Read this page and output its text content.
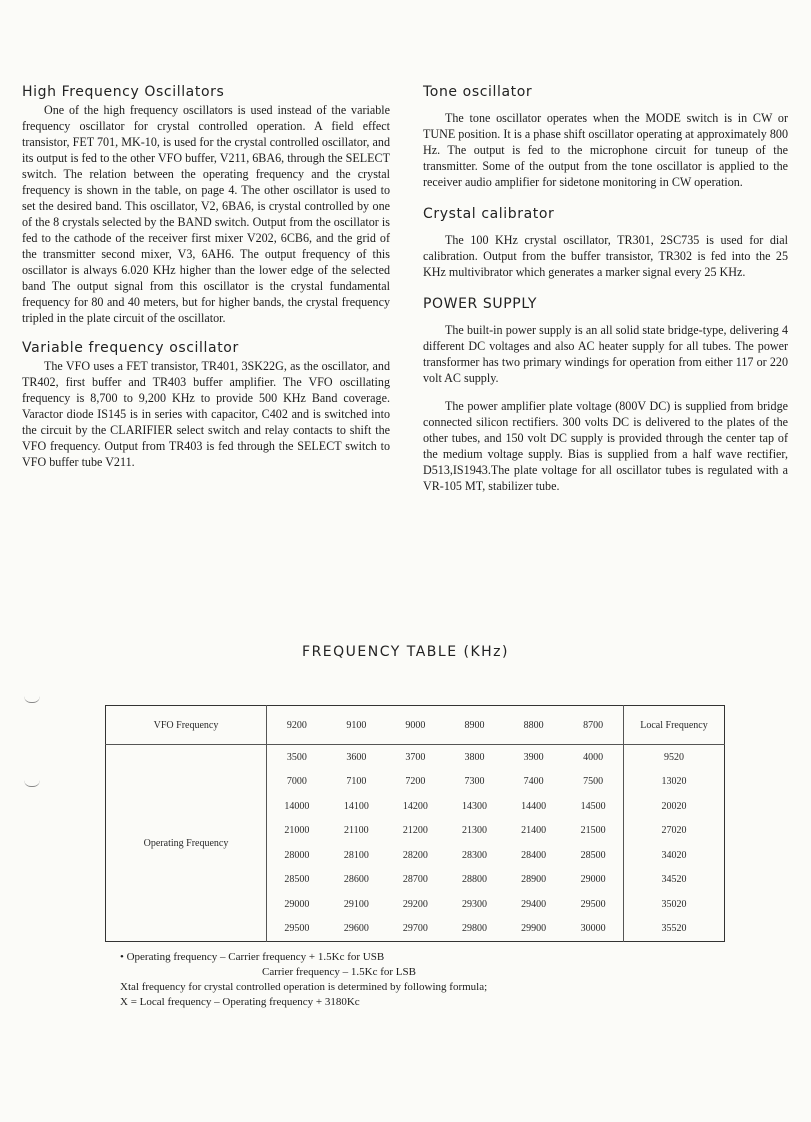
High Frequency Oscillators

One of the high frequency oscillators is used instead of the variable frequency oscillator for crystal controlled operation. A field effect transistor, FET 701, MK-10, is used for the crystal controlled oscillator, and its output is fed to the other VFO buffer, V211, 6BA6, through the SELECT switch. The relation between the operating frequency and the crystal frequency is shown in the table, on page 4. The other oscillator is used to set the desired band. This oscillator, V2, 6BA6, is crystal controlled by one of the 8 crystals selected by the BAND switch. Output from the oscillator is fed to the cathode of the receiver first mixer V202, 6CB6, and the grid of the transmitter second mixer, V3, 6AH6. The output frequency of this oscillator is always 6.020 KHz higher than the lower edge of the selected band The output signal from this oscillator is the crystal fundamental frequency for 80 and 40 meters, but for higher bands, the crystal frequency tripled in the plate circuit of the oscillator.

Variable frequency oscillator

The VFO uses a FET transistor, TR401, 3SK22G, as the oscillator, and TR402, first buffer and TR403 buffer amplifier. The VFO oscillating frequency is 8,700 to 9,200 KHz to provide 500 KHz Band coverage. Varactor diode IS145 is in series with capacitor, C402 and is switched into the circuit by the CLARIFIER select switch and relay contacts to shift the VFO frequency. Output from TR403 is fed through the SELECT switch to VFO buffer tube V211.

Tone oscillator

The tone oscillator operates when the MODE switch is in CW or TUNE position. It is a phase shift oscillator operating at approximately 800 Hz. The output is fed to the microphone circuit for tuneup of the transmitter. Some of the output from the tone oscillator is applied to the receiver audio amplifier for sidetone monitoring in CW operation.

Crystal calibrator

The 100 KHz crystal oscillator, TR301, 2SC735 is used for dial calibration. Output from the buffer transistor, TR302 is fed into the 25 KHz multivibrator which generates a marker signal every 25 KHz.

POWER SUPPLY

The built-in power supply is an all solid state bridge-type, delivering 4 different DC voltages and also AC heater supply for all tubes. The power transformer has two primary windings for operation from either 117 or 220 volt AC supply.

The power amplifier plate voltage (800V DC) is supplied from bridge connected silicon rectifiers. 300 volts DC is delivered to the plates of the other tubes, and 150 volt DC supply is provided through the center tap of the medium voltage supply. Bias is supplied from a half wave rectifier, D513,IS1943.The plate voltage for all oscillator tubes is regulated with a VR-105 MT, stabilizer tube.

FREQUENCY TABLE (KHz)
VFO Frequency	9200	9100	9000	8900	8800	8700	Local Frequency
Operating Frequency	3500	3600	3700	3800	3900	4000	9520
	7000	7100	7200	7300	7400	7500	13020
	14000	14100	14200	14300	14400	14500	20020
	21000	21100	21200	21300	21400	21500	27020
	28000	28100	28200	28300	28400	28500	34020
	28500	28600	28700	28800	28900	29000	34520
	29000	29100	29200	29300	29400	29500	35020
	29500	29600	29700	29800	29900	30000	35520
• Operating frequency – Carrier frequency + 1.5Kc for USB
Carrier frequency – 1.5Kc for LSB
Xtal frequency for crystal controlled operation is determined by following formula;
X = Local frequency – Operating frequency + 3180Kc
